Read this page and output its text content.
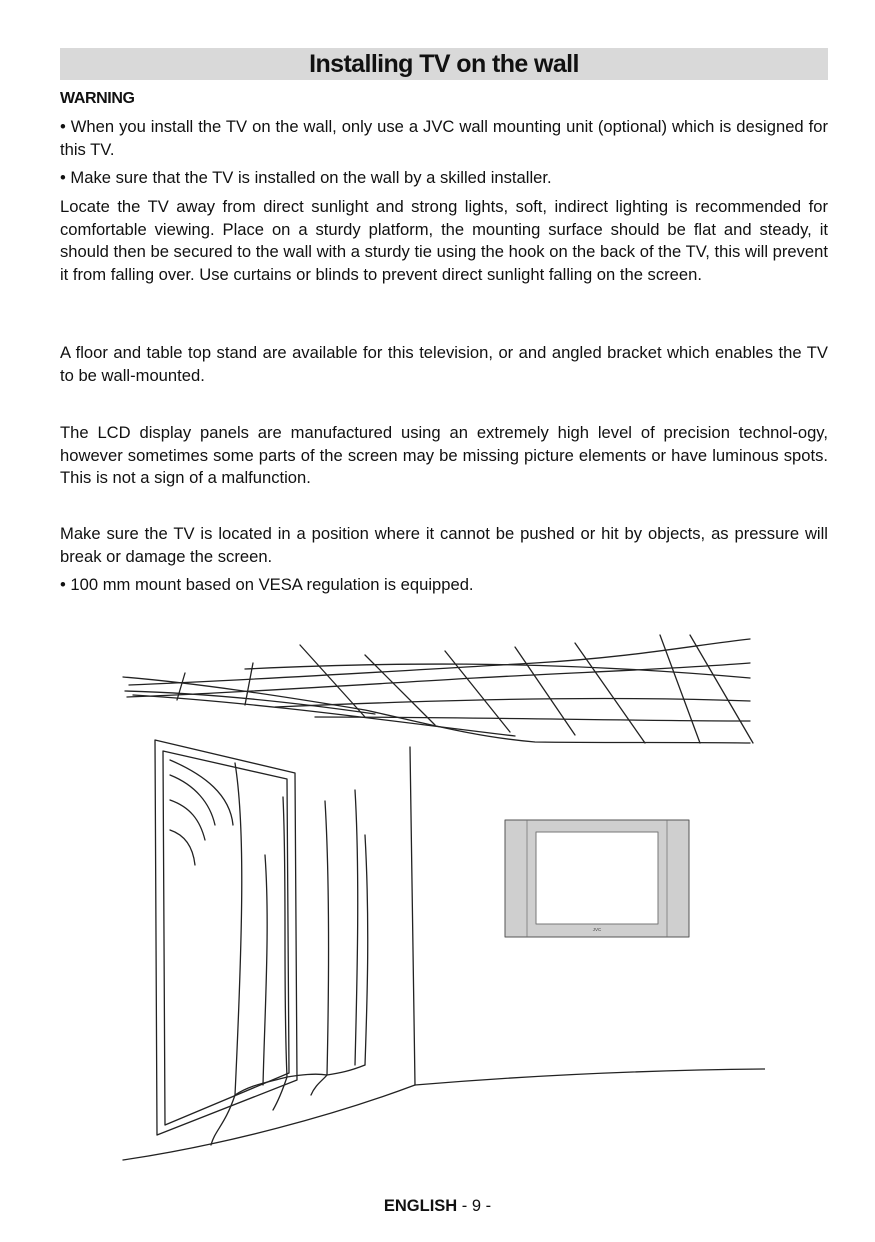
Installing TV on the wall
WARNING

• When you install the TV on the wall, only use a JVC wall mounting unit (optional) which is designed for this TV.

• Make sure that the TV is installed on the wall by a skilled installer.

Locate the TV away from direct sunlight and strong lights, soft, indirect lighting is recommended for comfortable viewing. Place on a sturdy platform, the mounting surface should be flat and steady, it should then be secured to the wall with a sturdy tie using the hook on the back of the TV, this will prevent it from falling over. Use curtains or blinds to prevent direct sunlight falling on the screen.

A floor and table top stand are available for this television, or and angled bracket which enables the TV to be wall-mounted.

The LCD display panels are manufactured using an extremely high level of precision technol-ogy, however sometimes some parts of the screen may be missing picture elements or have luminous spots. This is not a sign of a malfunction.

Make sure the TV is located in a position where it cannot be pushed or hit by objects, as pressure will break or damage the screen.

• 100 mm mount based on VESA regulation is equipped.

JVC
ENGLISH - 9 -
